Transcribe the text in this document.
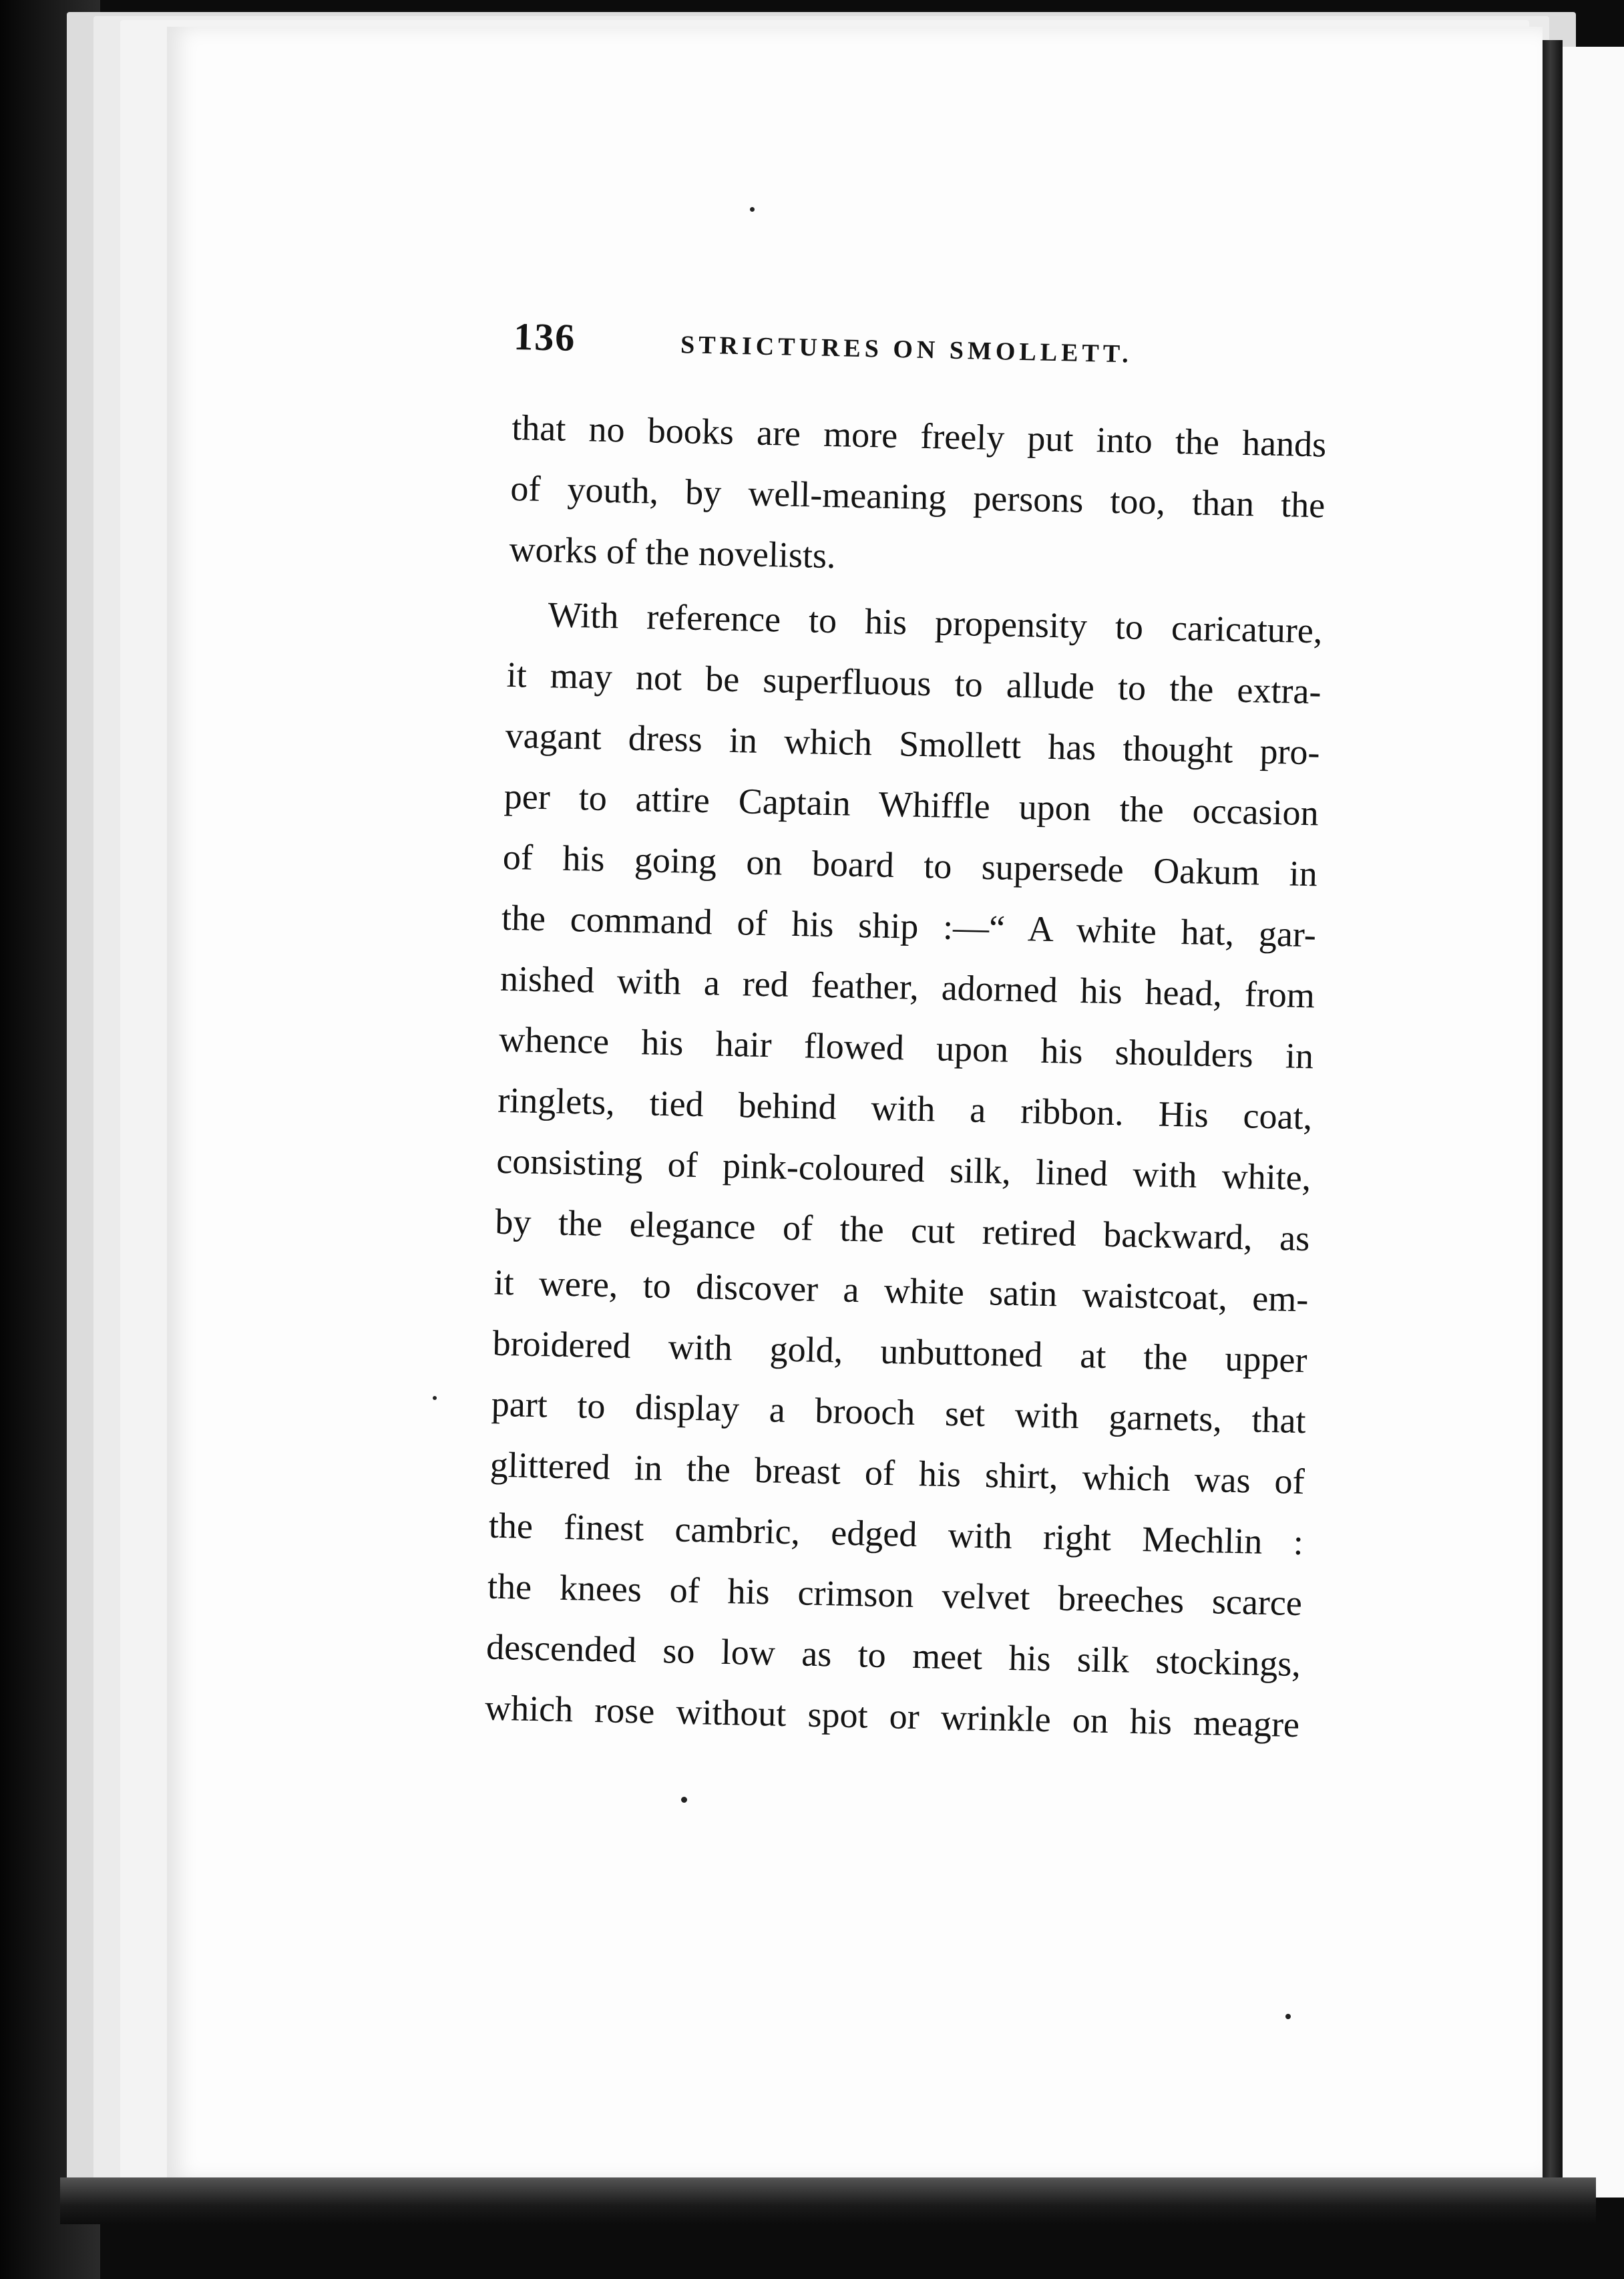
136	STRICTURES ON SMOLLETT.
that no books are more freely put into the hands
of youth, by well-meaning persons too, than the
works of the novelists.
With reference to his propensity to caricature,
it may not be superfluous to allude to the extra-
vagant dress in which Smollett has thought pro-
per to attire Captain Whiffle upon the occasion
of his going on board to supersede Oakum in
the command of his ship :—“ A white hat, gar-
nished with a red feather, adorned his head, from
whence his hair flowed upon his shoulders in
ringlets, tied behind with a ribbon. His coat,
consisting of pink-coloured silk, lined with white,
by the elegance of the cut retired backward, as
it were, to discover a white satin waistcoat, em-
broidered with gold, unbuttoned at the upper
part to display a brooch set with garnets, that
glittered in the breast of his shirt, which was of
the finest cambric, edged with right Mechlin :
the knees of his crimson velvet breeches scarce
descended so low as to meet his silk stockings,
which rose without spot or wrinkle on his meagre
